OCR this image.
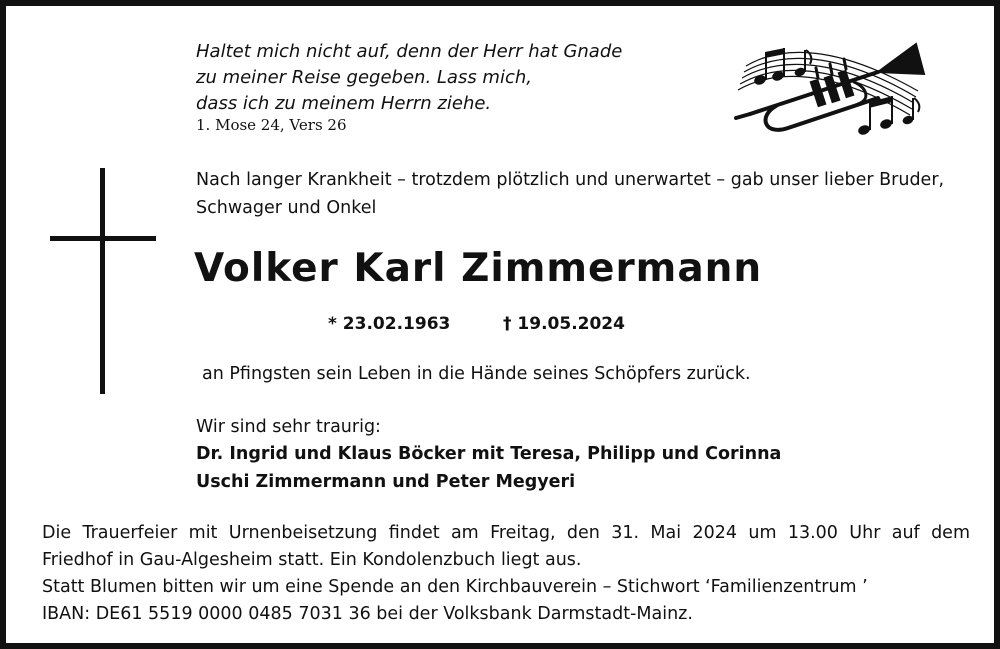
Haltet mich nicht auf, denn der Herr hat Gnade
zu meiner Reise gegeben. Lass mich,
dass ich zu meinem Herrn ziehe.
1. Mose 24, Vers 26
Nach langer Krankheit – trotzdem plötzlich und unerwartet – gab unser lieber Bruder,
Schwager und Onkel
Volker Karl Zimmermann
* 23.02.1963	† 19.05.2024
an Pfingsten sein Leben in die Hände seines Schöpfers zurück.
Wir sind sehr traurig:
Dr. Ingrid und Klaus Böcker mit Teresa, Philipp und Corinna
Uschi Zimmermann und Peter Megyeri
Die Trauerfeier mit Urnenbeisetzung findet am Freitag, den 31. Mai 2024 um 13.00 Uhr auf dem
Friedhof in Gau-Algesheim statt. Ein Kondolenzbuch liegt aus.
Statt Blumen bitten wir um eine Spende an den Kirchbauverein – Stichwort ‘Familienzentrum ’
IBAN: DE61 5519 0000 0485 7031 36 bei der Volksbank Darmstadt-Mainz.
